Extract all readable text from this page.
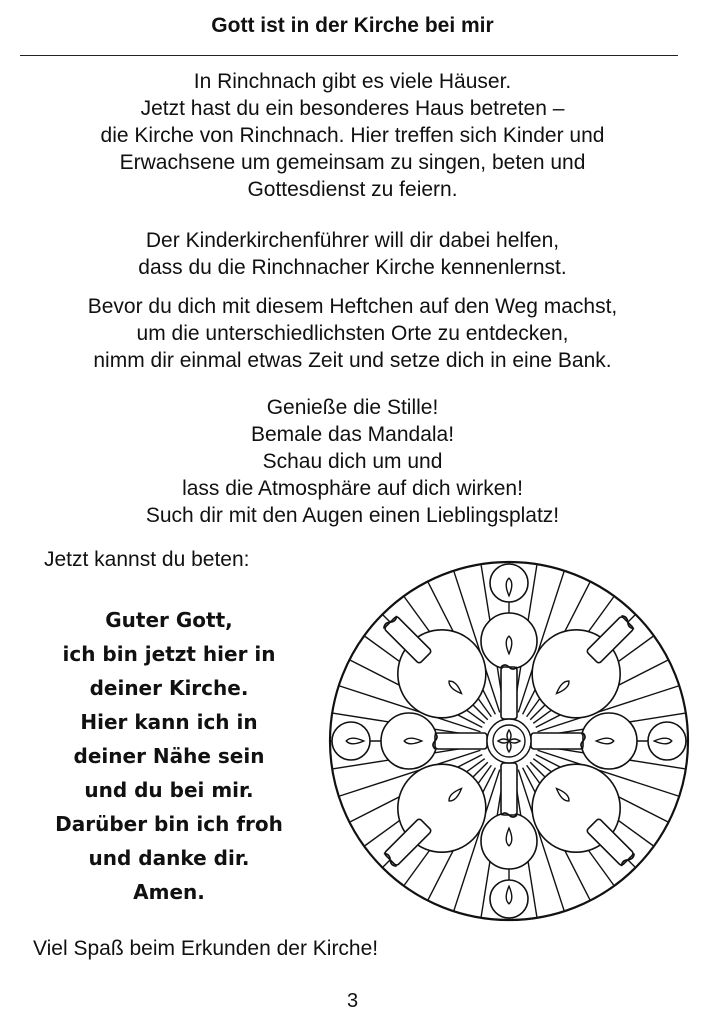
Gott ist in der Kirche bei mir
In Rinchnach gibt es viele Häuser.
Jetzt hast du ein besonderes Haus betreten –
die Kirche von Rinchnach. Hier treffen sich Kinder und
Erwachsene um gemeinsam zu singen, beten und
Gottesdienst zu feiern.
Der Kinderkirchenführer will dir dabei helfen,
dass du die Rinchnacher Kirche kennenlernst.
Bevor du dich mit diesem Heftchen auf den Weg machst,
um die unterschiedlichsten Orte zu entdecken,
nimm dir einmal etwas Zeit und setze dich in eine Bank.
Genieße die Stille!
Bemale das Mandala!
Schau dich um und
lass die Atmosphäre auf dich wirken!
Such dir mit den Augen einen Lieblingsplatz!
Jetzt kannst du beten:
Guter Gott,
ich bin jetzt hier in
deiner Kirche.
Hier kann ich in
deiner Nähe sein
und du bei mir.
Darüber bin ich froh
und danke dir.
Amen.
Viel Spaß beim Erkunden der Kirche!
3
